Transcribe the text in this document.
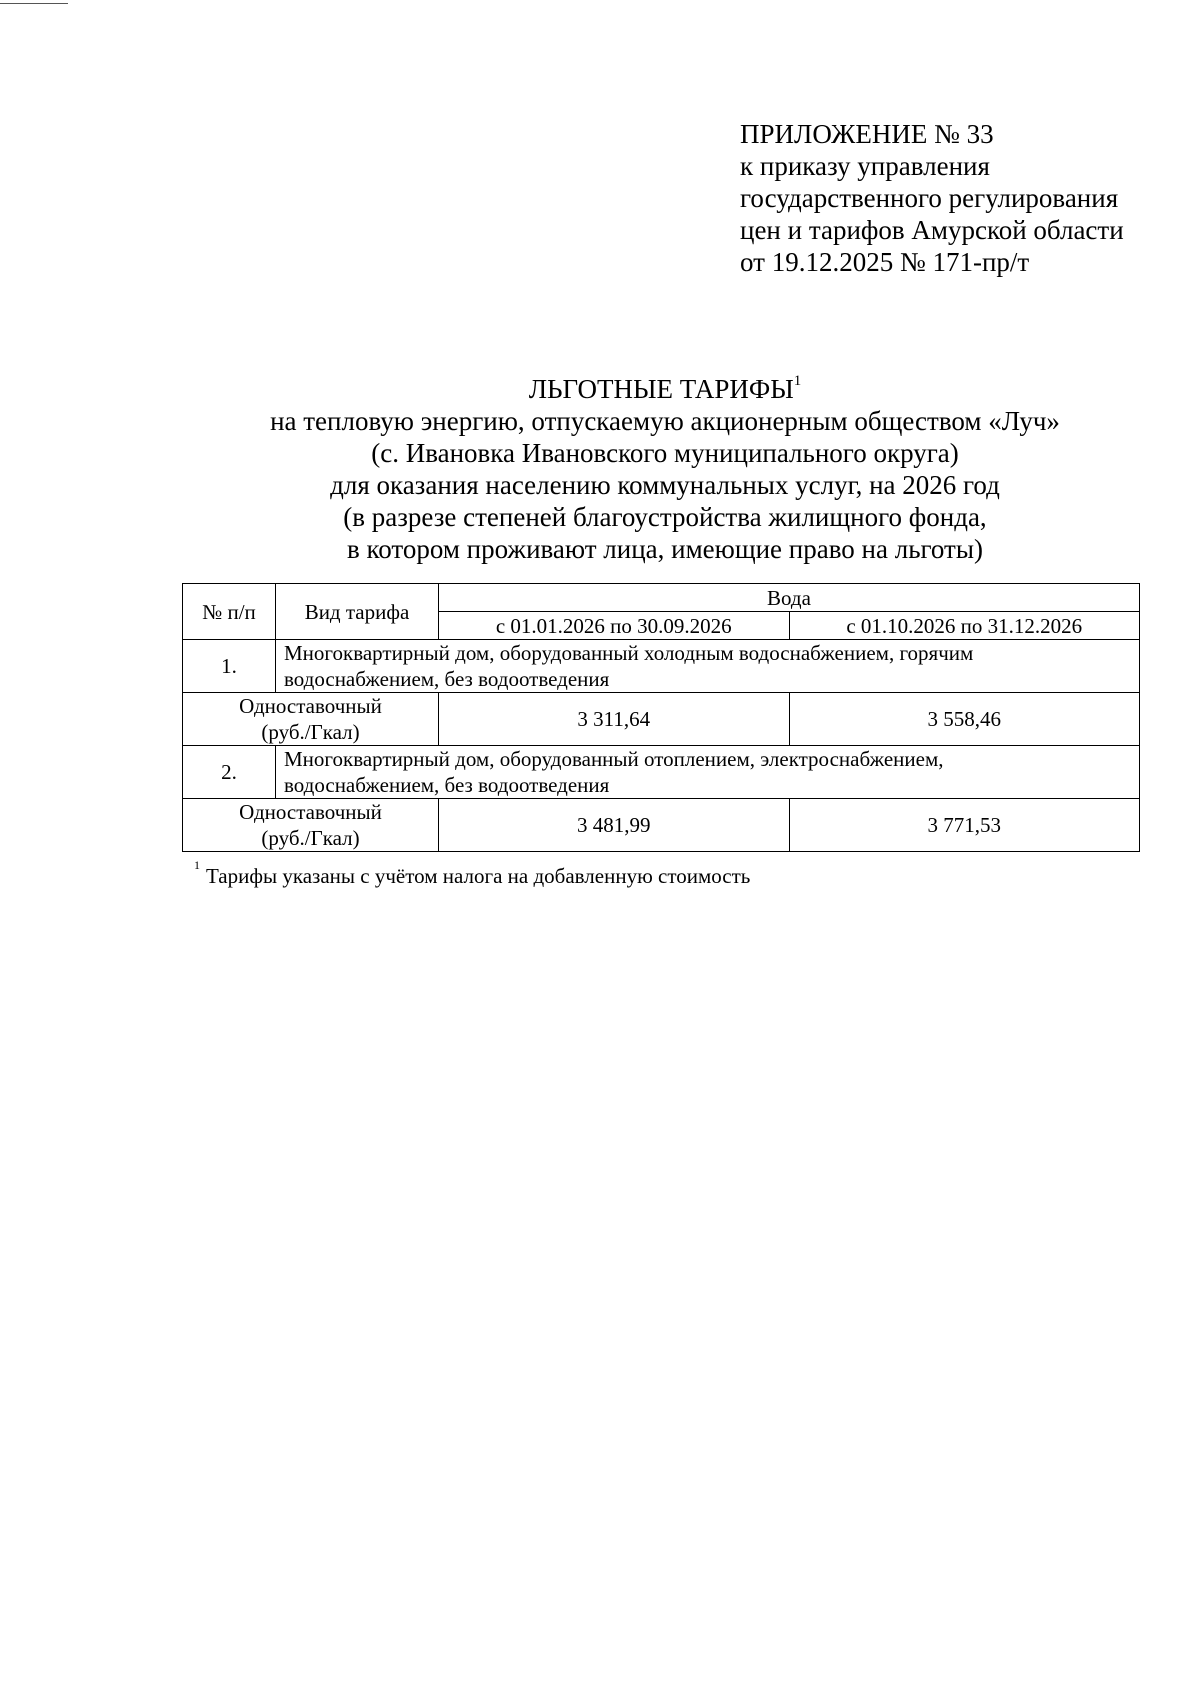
ПРИЛОЖЕНИЕ № 33
к приказу управления
государственного регулирования
цен и тарифов Амурской области
от 19.12.2025 № 171-пр/т
ЛЬГОТНЫЕ ТАРИФЫ$^1$
на тепловую энергию, отпускаемую акционерным обществом «Луч»
(с. Ивановка Ивановского муниципального округа)
для оказания населению коммунальных услуг, на 2026 год
(в разрезе степеней благоустройства жилищного фонда,
в котором проживают лица, имеющие право на льготы)
№ п/п	Вид тарифа	Вода	
		с 01.01.2026 по 30.09.2026	с 01.10.2026 по 31.12.2026
1.	Многоквартирный дом, оборудованный холодным водоснабжением, горячим
водоснабжением, без водоотведения		

Одноставочный
(руб./Гкал)		3 311,64	3 558,46
2.	Многоквартирный дом, оборудованный отоплением, электроснабжением,
водоснабжением, без водоотведения		

Одноставочный
(руб./Гкал)		3 481,99	3 771,53
$^1$ Тарифы указаны с учётом налога на добавленную стоимость
